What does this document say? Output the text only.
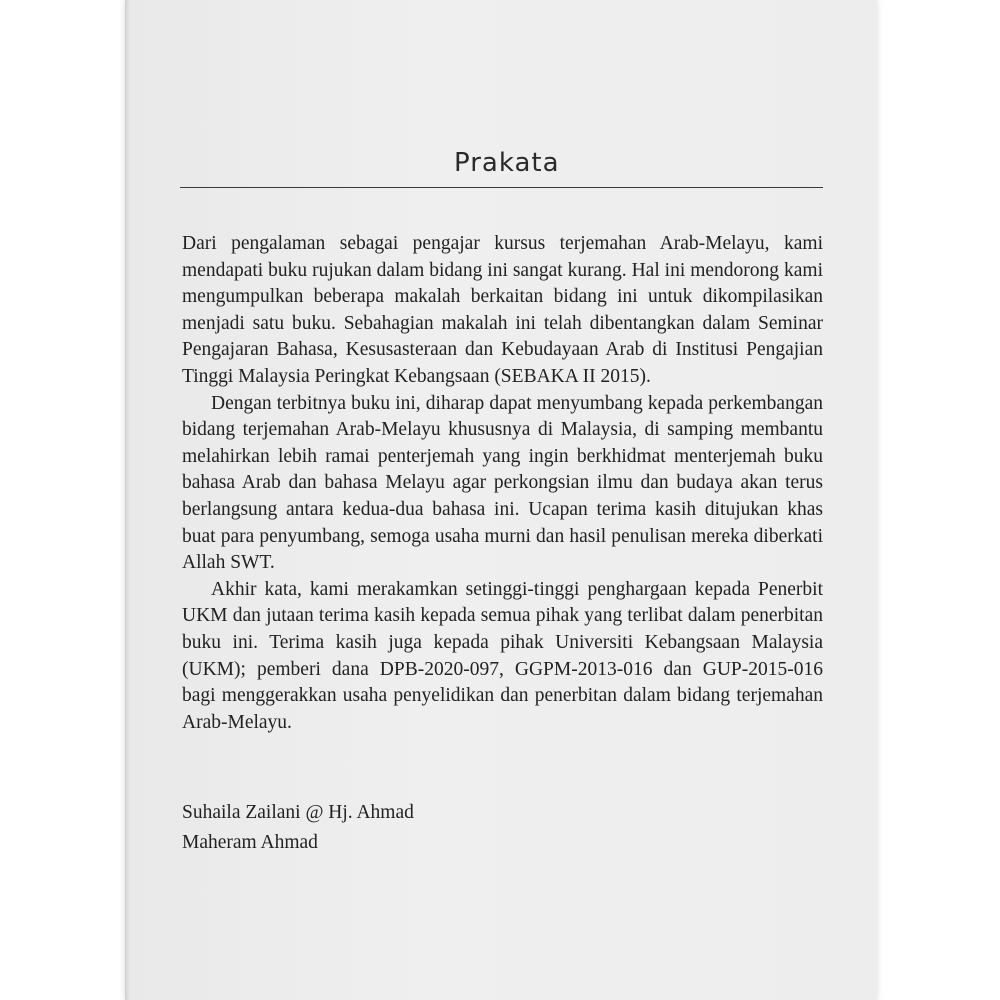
Prakata

Dari pengalaman sebagai pengajar kursus terjemahan Arab-Melayu, kami mendapati buku rujukan dalam bidang ini sangat kurang. Hal ini mendorong kami mengumpulkan beberapa makalah berkaitan bidang ini untuk dikompilasikan menjadi satu buku. Sebahagian makalah ini telah dibentangkan dalam Seminar Pengajaran Bahasa, Kesusasteraan dan Kebudayaan Arab di Institusi Pengajian Tinggi Malaysia Peringkat Kebangsaan (SEBAKA II 2015).

Dengan terbitnya buku ini, diharap dapat menyumbang kepada perkembangan bidang terjemahan Arab-Melayu khususnya di Malaysia, di samping membantu melahirkan lebih ramai penterjemah yang ingin berkhidmat menterjemah buku bahasa Arab dan bahasa Melayu agar perkongsian ilmu dan budaya akan terus berlangsung antara kedua-dua bahasa ini. Ucapan terima kasih ditujukan khas buat para penyumbang, semoga usaha murni dan hasil penulisan mereka diberkati Allah SWT.

Akhir kata, kami merakamkan setinggi-tinggi penghargaan kepada Penerbit UKM dan jutaan terima kasih kepada semua pihak yang terlibat dalam penerbitan buku ini. Terima kasih juga kepada pihak Universiti Kebangsaan Malaysia (UKM); pemberi dana DPB-2020-097, GGPM-2013-016 dan GUP-2015-016 bagi menggerakkan usaha penyelidikan dan penerbitan dalam bidang terjemahan Arab-Melayu.

Suhaila Zailani @ Hj. Ahmad
Maheram Ahmad
